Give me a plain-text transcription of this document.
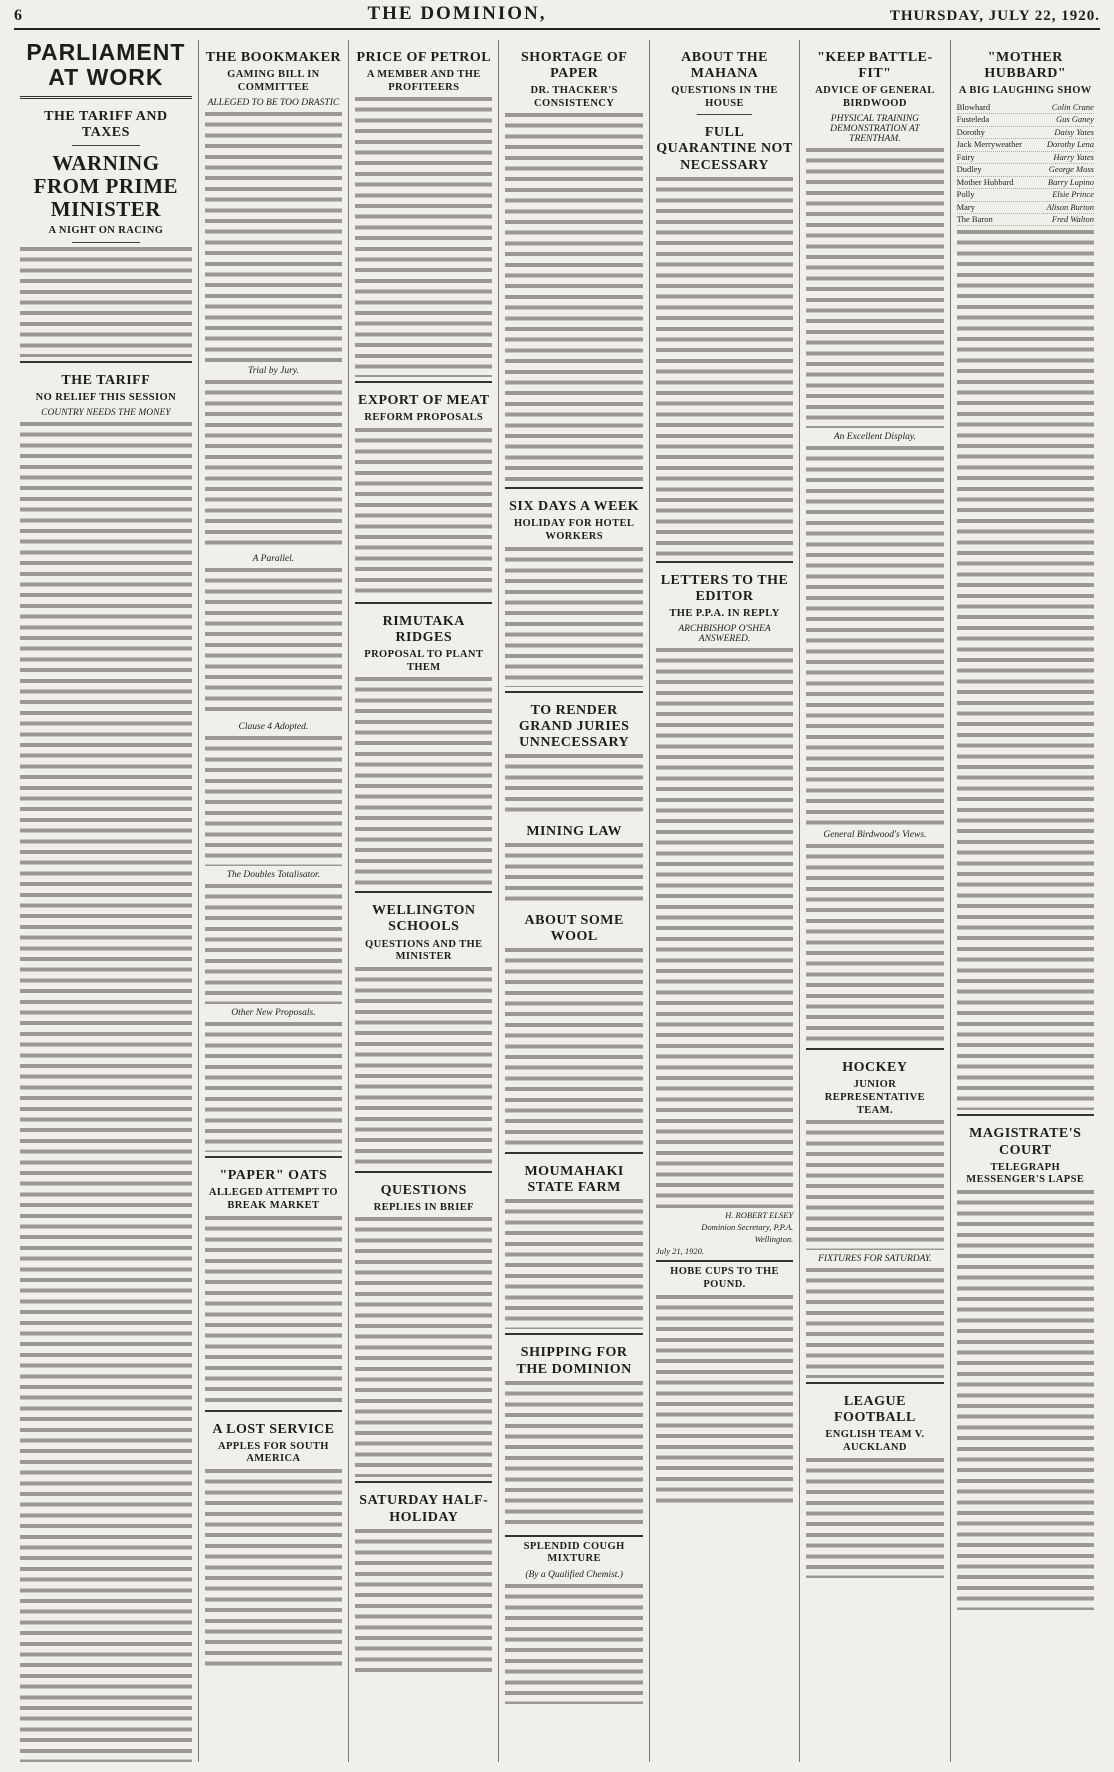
6	THE DOMINION,	THURSDAY, JULY 22, 1920.
PARLIAMENT AT WORK
THE TARIFF AND TAXES
WARNING FROM PRIME MINISTER
A NIGHT ON RACING

THE TARIFF
NO RELIEF THIS SESSION
COUNTRY NEEDS THE MONEY

THE BOOKMAKER
GAMING BILL IN COMMITTEE
ALLEGED TO BE TOO DRASTIC

Trial by Jury.

A Parallel.

Clause 4 Adopted.

The Doubles Totalisator.

Other New Proposals.

"PAPER" OATS
ALLEGED ATTEMPT TO BREAK MARKET

A LOST SERVICE
APPLES FOR SOUTH AMERICA

PRICE OF PETROL
A MEMBER AND THE PROFITEERS

EXPORT OF MEAT
REFORM PROPOSALS

RIMUTAKA RIDGES
PROPOSAL TO PLANT THEM

WELLINGTON SCHOOLS
QUESTIONS AND THE MINISTER

QUESTIONS
REPLIES IN BRIEF

SATURDAY HALF-HOLIDAY

SHORTAGE OF PAPER
DR. THACKER'S CONSISTENCY

SIX DAYS A WEEK
HOLIDAY FOR HOTEL WORKERS

TO RENDER GRAND JURIES UNNECESSARY

MINING LAW

ABOUT SOME WOOL

MOUMAHAKI STATE FARM

SHIPPING FOR THE DOMINION

SPLENDID COUGH MIXTURE
(By a Qualified Chemist.)

ABOUT THE MAHANA
QUESTIONS IN THE HOUSE
FULL QUARANTINE NOT NECESSARY

LETTERS TO THE EDITOR
THE P.P.A. IN REPLY
ARCHBISHOP O'SHEA ANSWERED.

H. ROBERT ELSEY

Dominion Secretary, P.P.A.

Wellington.

July 21, 1920.

HOBE CUPS TO THE POUND.

"KEEP BATTLE-FIT"
ADVICE OF GENERAL BIRDWOOD
PHYSICAL TRAINING DEMONSTRATION AT TRENTHAM.

An Excellent Display.

General Birdwood's Views.

HOCKEY
JUNIOR REPRESENTATIVE TEAM.

FIXTURES FOR SATURDAY.

LEAGUE FOOTBALL
ENGLISH TEAM V. AUCKLAND

"MOTHER HUBBARD"
A BIG LAUGHING SHOW
Blowhard	Colin Crane
Fusteleda	Gus Ganey
Dorothy	Daisy Yates
Jack Merryweather	Dorothy Lena
Fairy	Harry Yates
Dudley	George Moss
Mother Hubbard	Barry Lupino
Polly	Elsie Prince
Mary	Alison Burton
The Baron	Fred Walton

MAGISTRATE'S COURT
TELEGRAPH MESSENGER'S LAPSE
